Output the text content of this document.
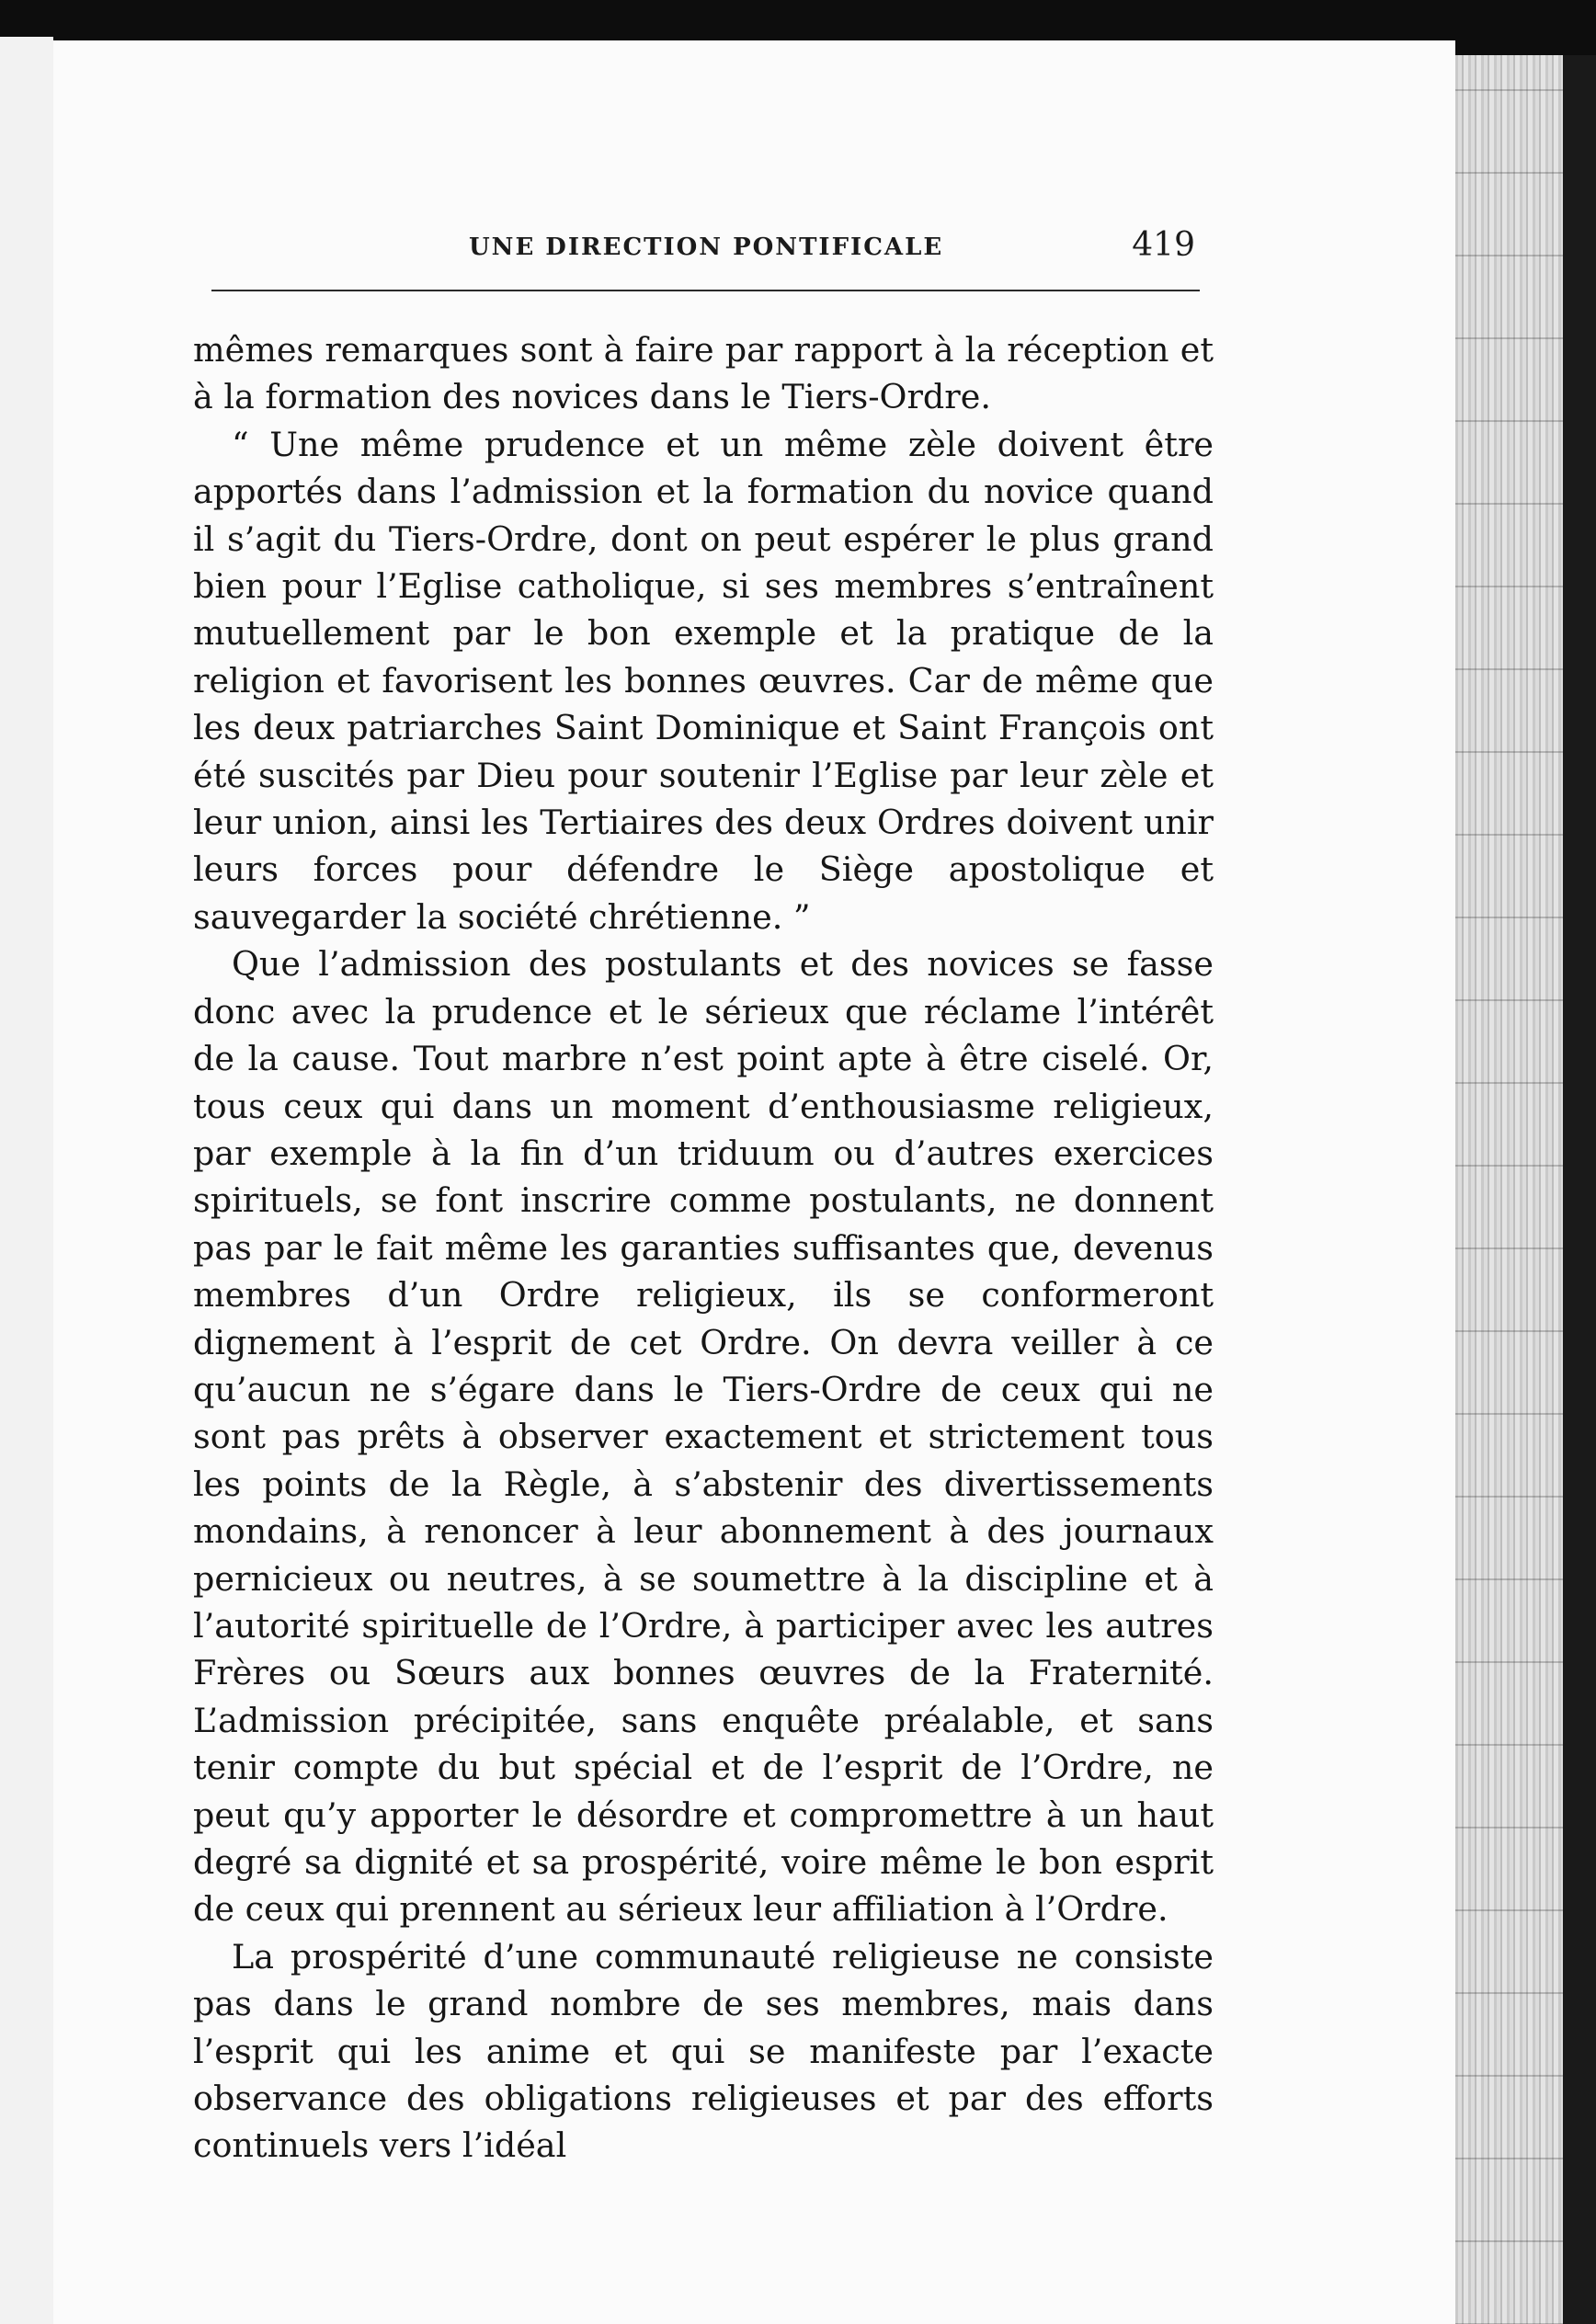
UNE DIRECTION PONTIFICALE	419

mêmes remarques sont à faire par rapport à la réception et à la formation des novices dans le Tiers-Ordre.

“ Une même prudence et un même zèle doivent être apportés dans l’admission et la formation du novice quand il s’agit du Tiers-Ordre, dont on peut espérer le plus grand bien pour l’Eglise catholique, si ses membres s’entraînent mutuellement par le bon exemple et la pratique de la religion et favorisent les bonnes œuvres. Car de même que les deux patriarches Saint Dominique et Saint François ont été suscités par Dieu pour soutenir l’Eglise par leur zèle et leur union, ainsi les Tertiaires des deux Ordres doivent unir leurs forces pour défendre le Siège apostolique et sauvegarder la société chrétienne. ”

Que l’admission des postulants et des novices se fasse donc avec la prudence et le sérieux que réclame l’intérêt de la cause. Tout marbre n’est point apte à être ciselé. Or, tous ceux qui dans un moment d’enthousiasme religieux, par exemple à la fin d’un triduum ou d’autres exercices spirituels, se font inscrire comme postulants, ne donnent pas par le fait même les garanties suffisantes que, devenus membres d’un Ordre religieux, ils se conformeront dignement à l’esprit de cet Ordre. On devra veiller à ce qu’aucun ne s’égare dans le Tiers-Ordre de ceux qui ne sont pas prêts à observer exactement et strictement tous les points de la Règle, à s’abstenir des divertissements mondains, à renoncer à leur abonnement à des journaux pernicieux ou neutres, à se soumettre à la discipline et à l’autorité spirituelle de l’Ordre, à participer avec les autres Frères ou Sœurs aux bonnes œuvres de la Fraternité. L’admission précipitée, sans enquête préalable, et sans tenir compte du but spécial et de l’esprit de l’Ordre, ne peut qu’y apporter le désordre et compromettre à un haut degré sa dignité et sa prospérité, voire même le bon esprit de ceux qui prennent au sérieux leur affiliation à l’Ordre.

La prospérité d’une communauté religieuse ne consiste pas dans le grand nombre de ses membres, mais dans l’esprit qui les anime et qui se manifeste par l’exacte observance des obligations religieuses et par des efforts continuels vers l’idéal
